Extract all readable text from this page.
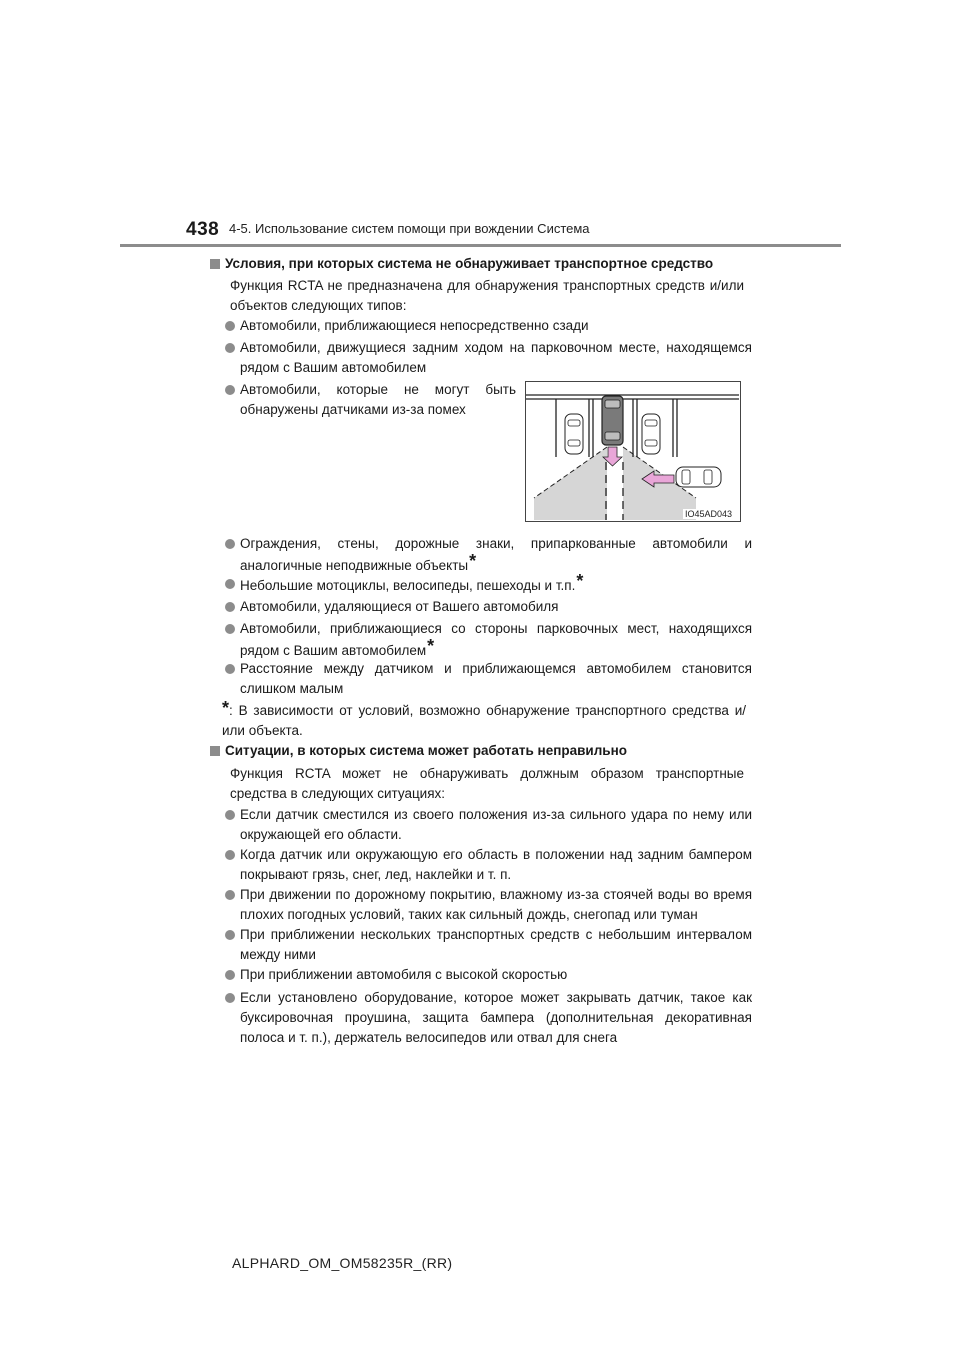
438 4-5. Использование систем помощи при вождении Система
Условия, при которых система не обнаруживает транспортное средство
Функция RCTA не предназначена для обнаружения транспортных средств и/или объектов следующих типов:
Автомобили, приближающиеся непосредственно сзади
Автомобили, движущиеся задним ходом на парковочном месте, находящемся рядом с Вашим автомобилем
Автомобили, которые не могут быть обнаружены датчиками из-за помех
Ограждения, стены, дорожные знаки, припаркованные автомобили и аналогичные неподвижные объекты*
Небольшие мотоциклы, велосипеды, пешеходы и т.п.*
Автомобили, удаляющиеся от Вашего автомобиля
Автомобили, приближающиеся со стороны парковочных мест, находящихся рядом с Вашим автомобилем*
Расстояние между датчиком и приближающемся автомобилем становится слишком малым
*: В зависимости от условий, возможно обнаружение транспортного средства и/ или объекта.
IO45AD043
Ситуации, в которых система может работать неправильно
Функция RCTA может не обнаруживать должным образом транспортные средства в следующих ситуациях:
Если датчик сместился из своего положения из-за сильного удара по нему или окружающей его области.
Когда датчик или окружающую его область в положении над задним бампером покрывают грязь, снег, лед, наклейки и т. п.
При движении по дорожному покрытию, влажному из-за стоячей воды во время плохих погодных условий, таких как сильный дождь, снегопад или туман
При приближении нескольких транспортных средств с небольшим интервалом между ними
При приближении автомобиля с высокой скоростью
Если установлено оборудование, которое может закрывать датчик, такое как буксировочная проушина, защита бампера (дополнительная декоративная полоса и т. п.), держатель велосипедов или отвал для снега
ALPHARD_OM_OM58235R_(RR)
